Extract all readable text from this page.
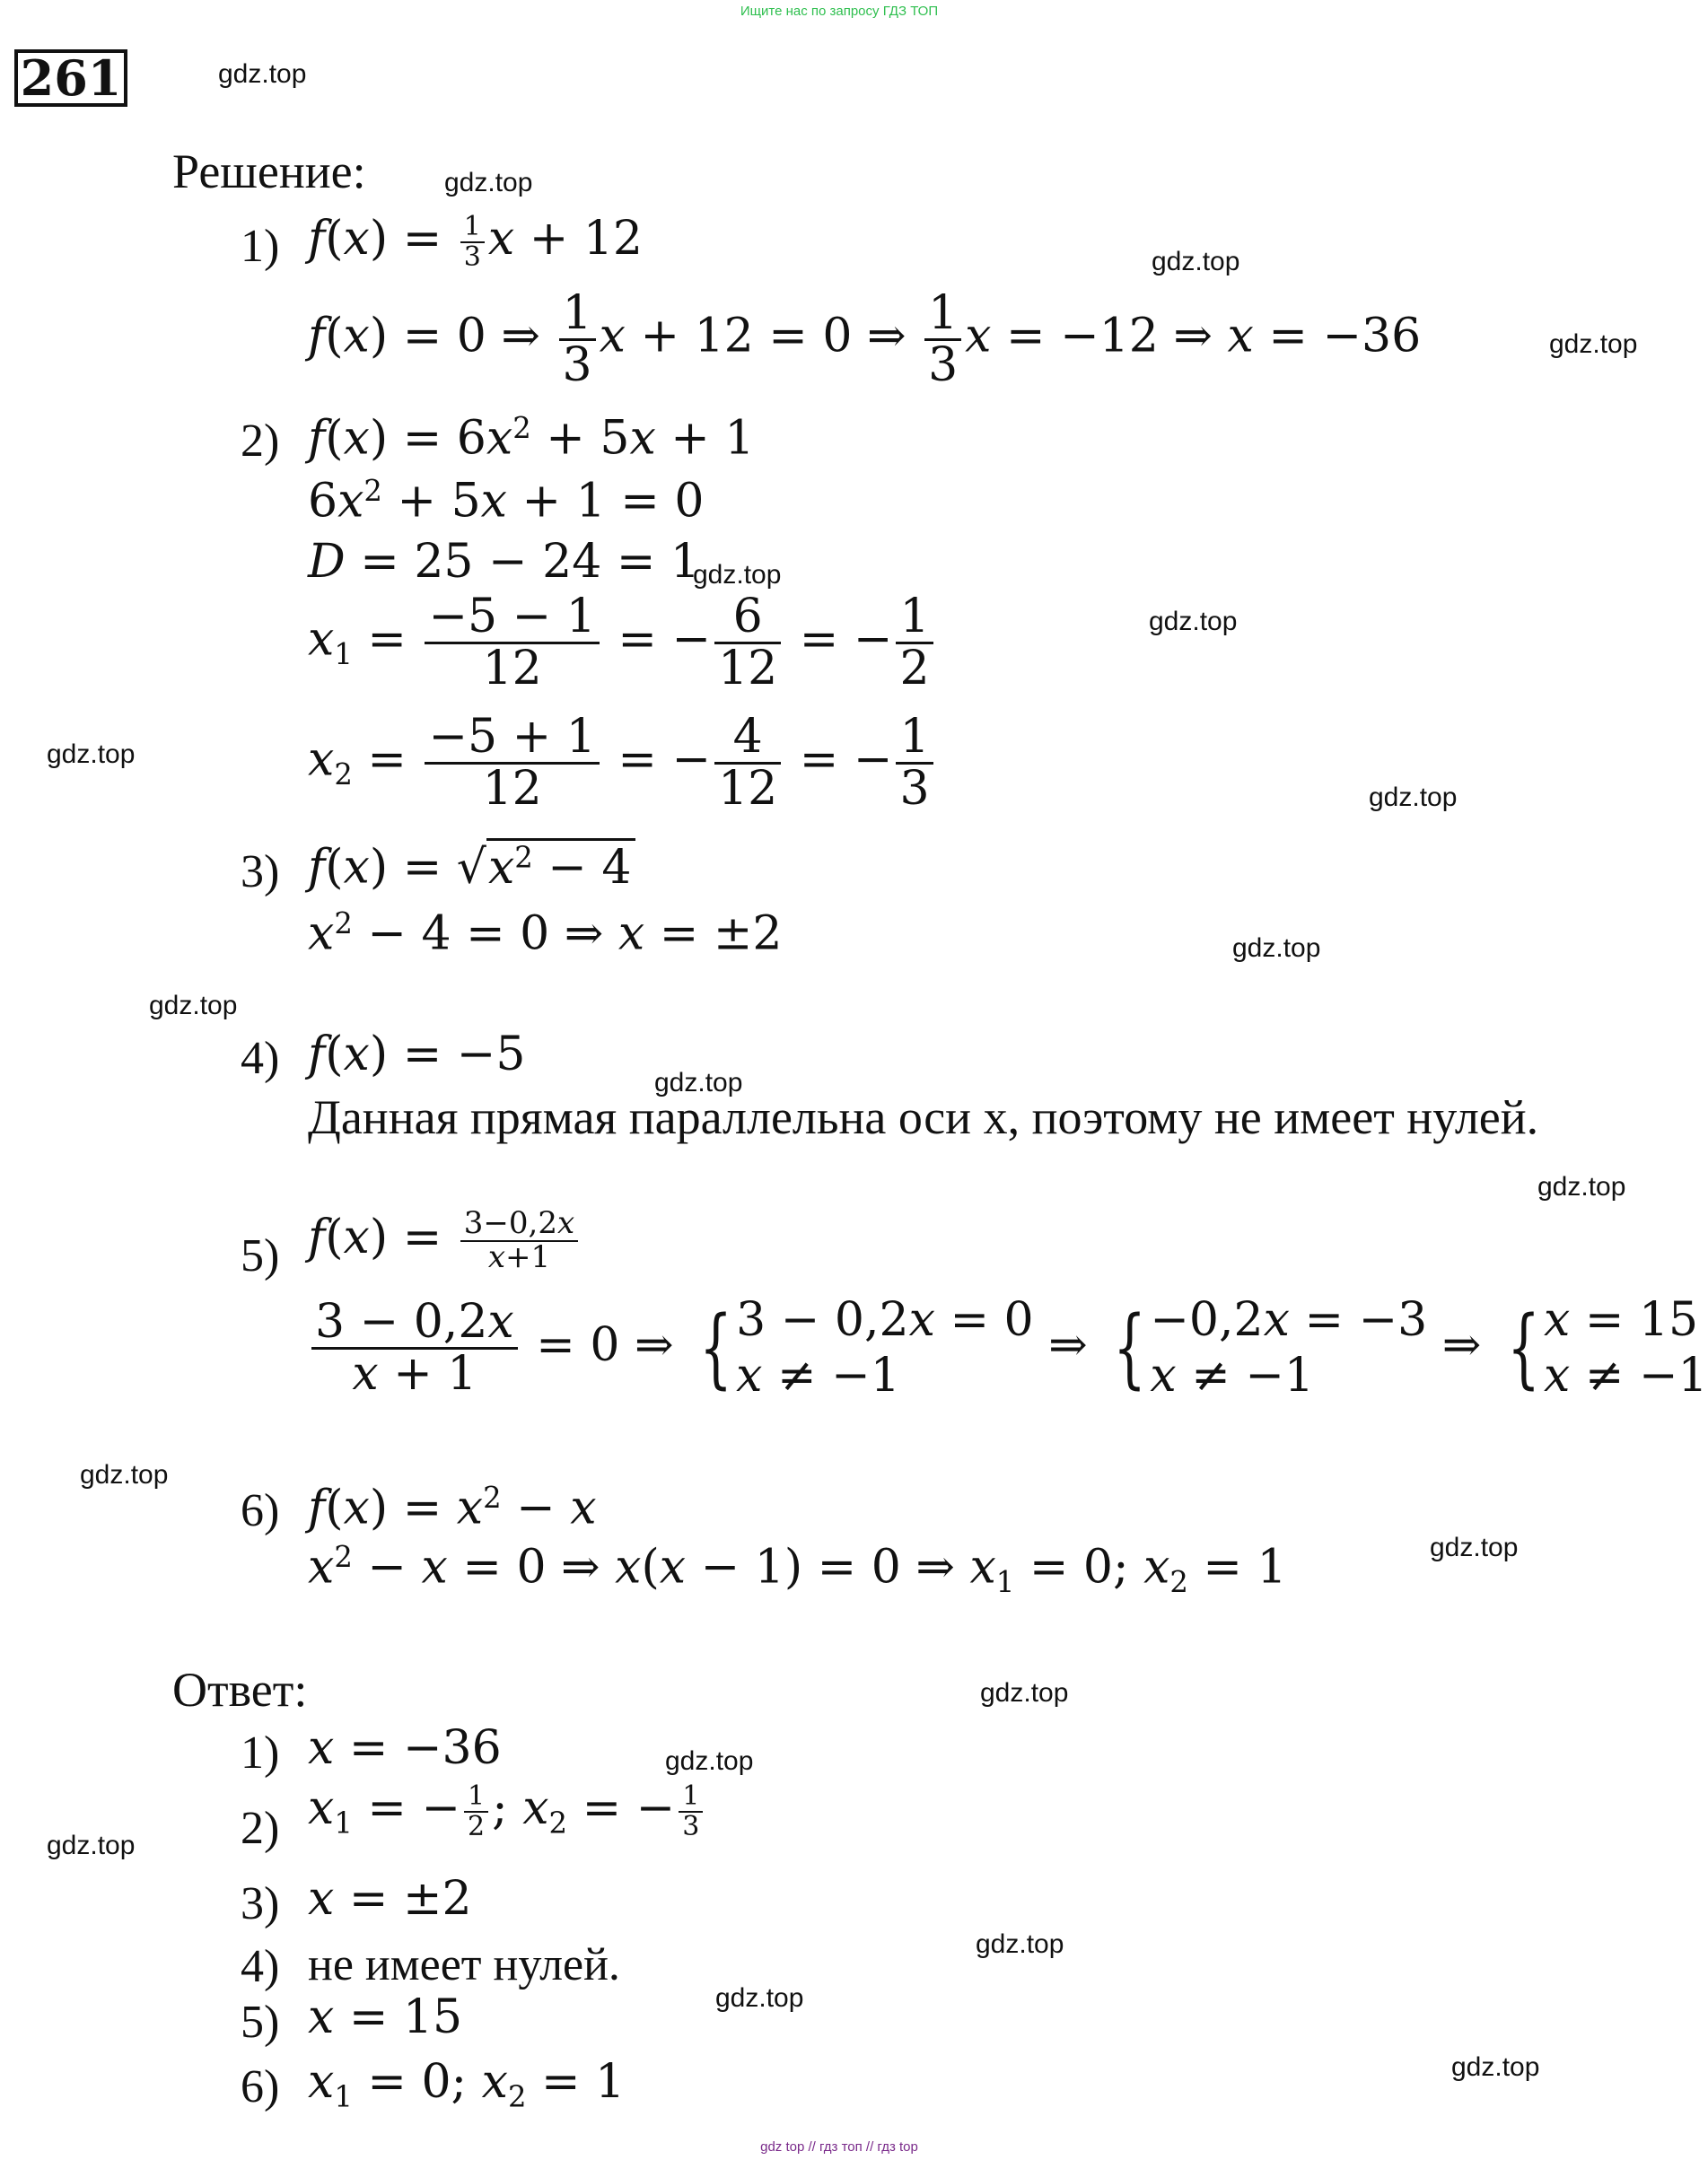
Ищите нас по запросу ГДЗ ТОП
gdz top // гдз топ // гдз top
261	gdz.top
gdz.top
gdz.top
gdz.top
gdz.top
gdz.top
gdz.top
gdz.top
gdz.top
gdz.top
gdz.top
gdz.top
gdz.top
gdz.top
gdz.top
gdz.top
gdz.top
gdz.top
gdz.top
gdz.top
Решение:
1) $f(x) = \frac{1}{3}$ x + 12
f(x) = 0 ⇒ $\frac{1}{3}$ x + 12 = 0 ⇒ $\frac{1}{3}$ x = −12 ⇒ x = −36
2) $f(x) = 6x^2 + 5x + 1$
$6x^2 + 5x + 1 = 0$
D = 25 − 24 = 1
$x_1 = \frac{-5 - 1}{12}$ = − $\frac{6}{12}$ = − $\frac{1}{2}$
$x_2 = \frac{-5 + 1}{12}$ = − $\frac{4}{12}$ = − $\frac{1}{3}$
3) $f(x) = √x^2 - 4$
$x^2 - 4 = 0$ ⇒ x = ±2
4) f(x) = −5
Данная прямая параллельна оси x, поэтому не имеет нулей.
5) $f(x) = \frac{3-0,2x}{x+1}$
$\frac{3 - 0,2x}{x + 1} = 0$ ⇒ {3 − 0,2x = 0
x ≠ −1 ⇒ {−0,2x = −3
x ≠ −1 ⇒ {x = 15
x ≠ −1
6) $f(x) = x^2 - x$
$x^2 - x = 0$ ⇒ x(x − 1) = 0 ⇒ $x_1 = 0$; $x_2 = 1$
Ответ:
1) x = −36
2) $x_1$ = − $\frac{1}{2}$ ; $x_2$ = − $\frac{1}{3}$
3) x = ±2
4) не имеет нулей.
5) x = 15
6) $x_1 = 0$; $x_2 = 1$
